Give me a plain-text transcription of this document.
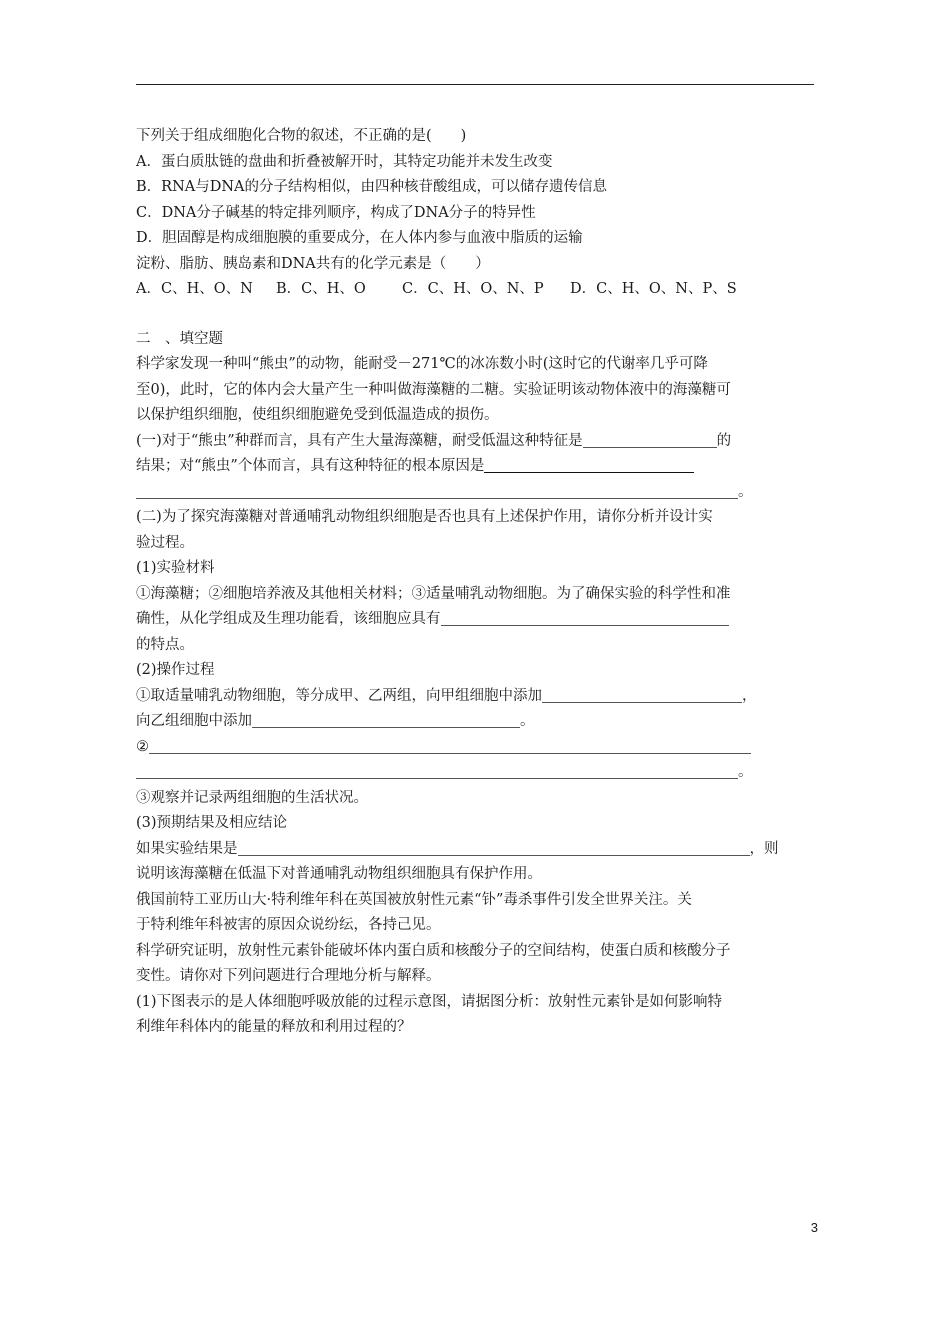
下列关于组成细胞化合物的叙述，不正确的是(　　)
A．蛋白质肽链的盘曲和折叠被解开时，其特定功能并未发生改变
B．RNA与DNA的分子结构相似，由四种核苷酸组成，可以储存遗传信息
C．DNA分子碱基的特定排列顺序，构成了DNA分子的特异性
D．胆固醇是构成细胞膜的重要成分，在人体内参与血液中脂质的运输
淀粉、脂肪、胰岛素和DNA共有的化学元素是（　　）
A．C、H、O、N B．C、H、O C．C、H、O、N、P D．C、H、O、N、P、S
二　、填空题
科学家发现一种叫“熊虫”的动物，能耐受－271℃的冰冻数小时(这时它的代谢率几乎可降
至0)，此时，它的体内会大量产生一种叫做海藻糖的二糖。实验证明该动物体液中的海藻糖可
以保护组织细胞，使组织细胞避免受到低温造成的损伤。
(一)对于“熊虫”种群而言，具有产生大量海藻糖，耐受低温这种特征是	的
结果；对“熊虫”个体而言，具有这种特征的根本原因是
。
(二)为了探究海藻糖对普通哺乳动物组织细胞是否也具有上述保护作用，请你分析并设计实
验过程。
(1)实验材料
①海藻糖；②细胞培养液及其他相关材料；③适量哺乳动物细胞。为了确保实验的科学性和准
确性，从化学组成及生理功能看，该细胞应具有
的特点。
(2)操作过程
①取适量哺乳动物细胞，等分成甲、乙两组，向甲组细胞中添加	，
向乙组细胞中添加	。
②
。
③观察并记录两组细胞的生活状况。
(3)预期结果及相应结论
如果实验结果是	，则
说明该海藻糖在低温下对普通哺乳动物组织细胞具有保护作用。
俄国前特工亚历山大·特利维年科在英国被放射性元素“钋”毒杀事件引发全世界关注。关
于特利维年科被害的原因众说纷纭，各持己见。
科学研究证明，放射性元素钋能破坏体内蛋白质和核酸分子的空间结构，使蛋白质和核酸分子
变性。请你对下列问题进行合理地分析与解释。
(1)下图表示的是人体细胞呼吸放能的过程示意图，请据图分析：放射性元素钋是如何影响特
利维年科体内的能量的释放和利用过程的？
3
